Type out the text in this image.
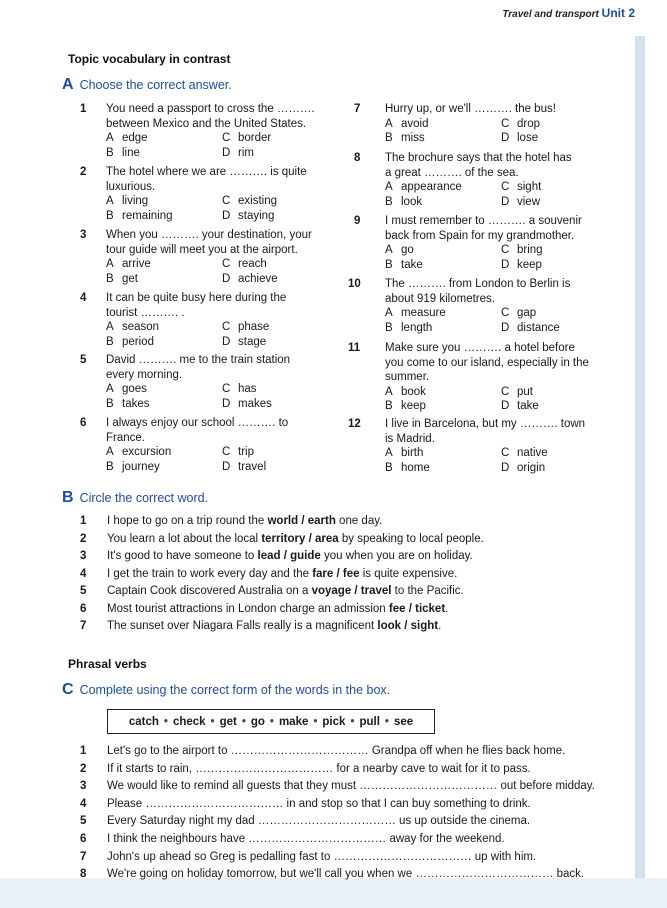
Travel and transport Unit 2
Topic vocabulary in contrast
A Choose the correct answer.
1 You need a passport to cross the ……….
between Mexico and the United States.
A edge	C border
B line	D rim
2 The hotel where we are ………. is quite
luxurious.
A living	C existing
B remaining	D staying
3 When you ………. your destination, your
tour guide will meet you at the airport.
A arrive	C reach
B get	D achieve
4 It can be quite busy here during the
tourist ………. .
A season	C phase
B period	D stage
5 David ………. me to the train station
every morning.
A goes	C has
B takes	D makes
6 I always enjoy our school ………. to
France.
A excursion	C trip
B journey	D travel
7 Hurry up, or we'll ………. the bus!
A avoid	C drop
B miss	D lose
8 The brochure says that the hotel has
a great ………. of the sea.
A appearance	C sight
B look	D view
9 I must remember to ………. a souvenir
back from Spain for my grandmother.
A go	C bring
B take	D keep
10 The ………. from London to Berlin is
about 919 kilometres.
A measure	C gap
B length	D distance
11 Make sure you ………. a hotel before
you come to our island, especially in the
summer.
A book	C put
B keep	D take
12 I live in Barcelona, but my ………. town
is Madrid.
A birth	C native
B home	D origin
B Circle the correct word.
1 I hope to go on a trip round the world / earth one day.
2 You learn a lot about the local territory / area by speaking to local people.
3 It's good to have someone to lead / guide you when you are on holiday.
4 I get the train to work every day and the fare / fee is quite expensive.
5 Captain Cook discovered Australia on a voyage / travel to the Pacific.
6 Most tourist attractions in London charge an admission fee / ticket.
7 The sunset over Niagara Falls really is a magnificent look / sight.
Phrasal verbs
C Complete using the correct form of the words in the box.
catch • check • get • go • make • pick • pull • see
1 Let's go to the airport to ……………………………… Grandpa off when he flies back home.
2 If it starts to rain, ……………………………… for a nearby cave to wait for it to pass.
3 We would like to remind all guests that they must ……………………………… out before midday.
4 Please ……………………………… in and stop so that I can buy something to drink.
5 Every Saturday night my dad ……………………………… us up outside the cinema.
6 I think the neighbours have ……………………………… away for the weekend.
7 John's up ahead so Greg is pedalling fast to ……………………………… up with him.
8 We're going on holiday tomorrow, but we'll call you when we ……………………………… back.
